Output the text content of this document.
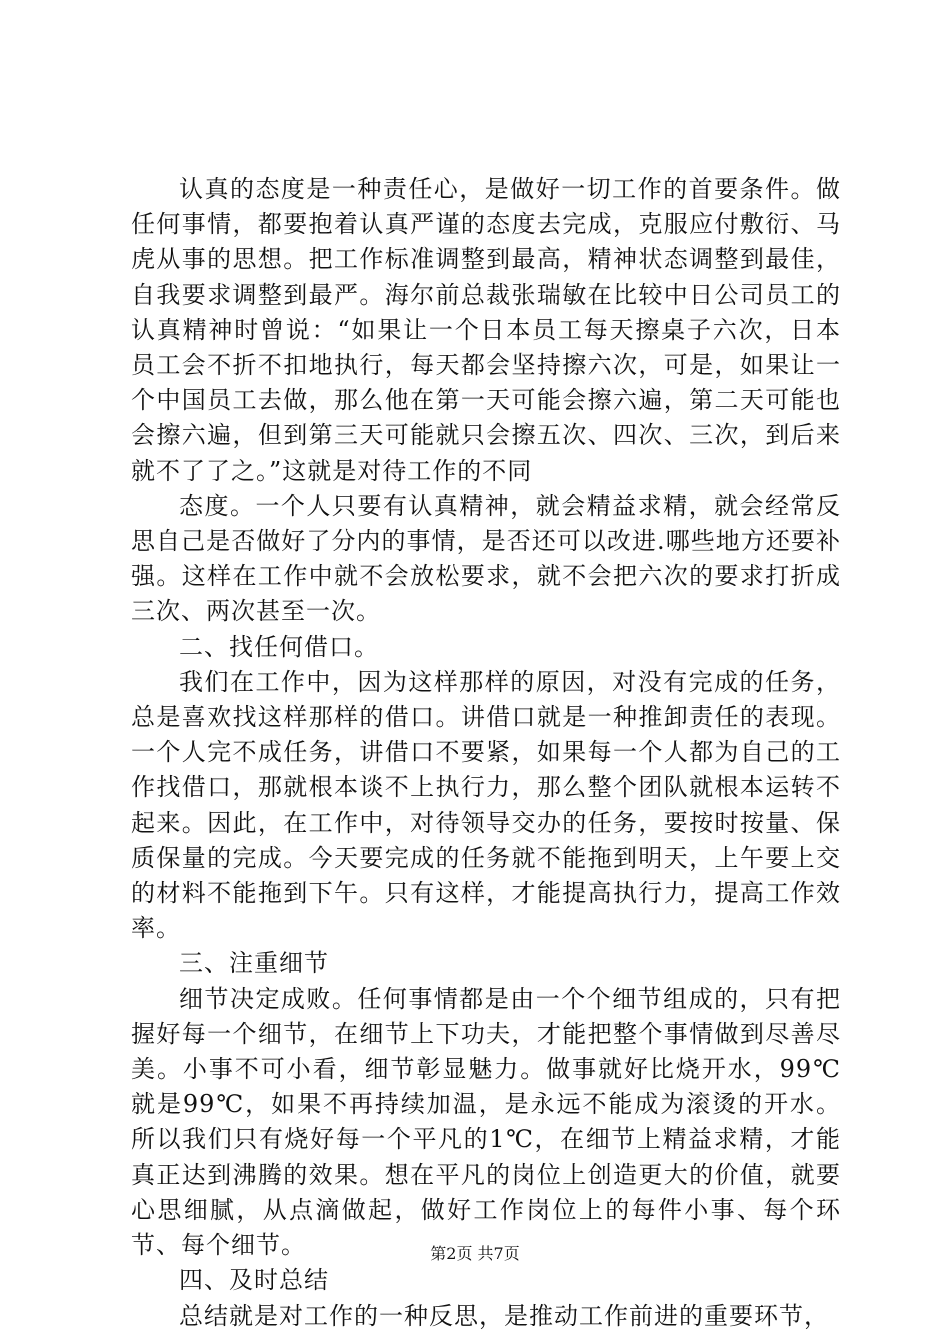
认真的态度是一种责任心，是做好一切工作的首要条件。做任何事情，都要抱着认真严谨的态度去完成，克服应付敷衍、马虎从事的思想。把工作标准调整到最高，精神状态调整到最佳，自我要求调整到最严。海尔前总裁张瑞敏在比较中日公司员工的认真精神时曾说：“如果让一个日本员工每天擦桌子六次，日本员工会不折不扣地执行，每天都会坚持擦六次，可是，如果让一个中国员工去做，那么他在第一天可能会擦六遍，第二天可能也会擦六遍，但到第三天可能就只会擦五次、四次、三次，到后来就不了了之。”这就是对待工作的不同

态度。一个人只要有认真精神，就会精益求精，就会经常反思自己是否做好了分内的事情，是否还可以改进.哪些地方还要补强。这样在工作中就不会放松要求，就不会把六次的要求打折成三次、两次甚至一次。

二、找任何借口。

我们在工作中，因为这样那样的原因，对没有完成的任务，总是喜欢找这样那样的借口。讲借口就是一种推卸责任的表现。一个人完不成任务，讲借口不要紧，如果每一个人都为自己的工作找借口，那就根本谈不上执行力，那么整个团队就根本运转不起来。因此，在工作中，对待领导交办的任务，要按时按量、保质保量的完成。今天要完成的任务就不能拖到明天，上午要上交的材料不能拖到下午。只有这样，才能提高执行力，提高工作效率。

三、注重细节

细节决定成败。任何事情都是由一个个细节组成的，只有把握好每一个细节，在细节上下功夫，才能把整个事情做到尽善尽美。小事不可小看，细节彰显魅力。做事就好比烧开水，99℃就是99℃，如果不再持续加温，是永远不能成为滚烫的开水。所以我们只有烧好每一个平凡的1℃，在细节上精益求精，才能真正达到沸腾的效果。想在平凡的岗位上创造更大的价值，就要心思细腻，从点滴做起，做好工作岗位上的每件小事、每个环节、每个细节。

四、及时总结

总结就是对工作的一种反思，是推动工作前进的重要环节，

第2页 共7页
